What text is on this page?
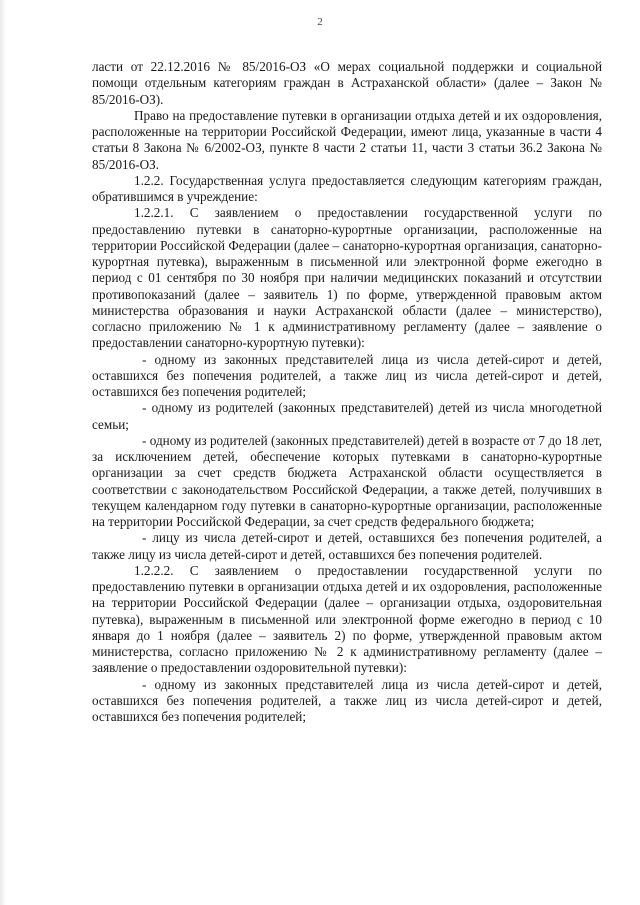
2

ласти от 22.12.2016 № 85/2016-ОЗ «О мерах социальной поддержки и социальной помощи отдельным категориям граждан в Астраханской области» (далее – Закон № 85/2016-ОЗ).

Право на предоставление путевки в организации отдыха детей и их оздоровления, расположенные на территории Российской Федерации, имеют лица, указанные в части 4 статьи 8 Закона № 6/2002-ОЗ, пункте 8 части 2 статьи 11, части 3 статьи 36.2 Закона № 85/2016-ОЗ.

1.2.2. Государственная услуга предоставляется следующим категориям граждан, обратившимся в учреждение:

1.2.2.1. С заявлением о предоставлении государственной услуги по предоставлению путевки в санаторно-курортные организации, расположенные на территории Российской Федерации (далее – санаторно-курортная организация, санаторно-курортная путевка), выраженным в письменной или электронной форме ежегодно в период с 01 сентября по 30 ноября при наличии медицинских показаний и отсутствии противопоказаний (далее – заявитель 1) по форме, утвержденной правовым актом министерства образования и науки Астраханской области (далее – министерство), согласно приложению № 1 к административному регламенту (далее – заявление о предоставлении санаторно-курортную путевки):

- одному из законных представителей лица из числа детей-сирот и детей, оставшихся без попечения родителей, а также лиц из числа детей-сирот и детей, оставшихся без попечения родителей;

- одному из родителей (законных представителей) детей из числа многодетной семьи;

- одному из родителей (законных представителей) детей в возрасте от 7 до 18 лет, за исключением детей, обеспечение которых путевками в санаторно-курортные организации за счет средств бюджета Астраханской области осуществляется в соответствии с законодательством Российской Федерации, а также детей, получивших в текущем календарном году путевки в санаторно-курортные организации, расположенные на территории Российской Федерации, за счет средств федерального бюджета;

- лицу из числа детей-сирот и детей, оставшихся без попечения родителей, а также лицу из числа детей-сирот и детей, оставшихся без попечения родителей.

1.2.2.2. С заявлением о предоставлении государственной услуги по предоставлению путевки в организации отдыха детей и их оздоровления, расположенные на территории Российской Федерации (далее – организации отдыха, оздоровительная путевка), выраженным в письменной или электронной форме ежегодно в период с 10 января до 1 ноября (далее – заявитель 2) по форме, утвержденной правовым актом министерства, согласно приложению № 2 к административному регламенту (далее – заявление о предоставлении оздоровительной путевки):

- одному из законных представителей лица из числа детей-сирот и детей, оставшихся без попечения родителей, а также лиц из числа детей-сирот и детей, оставшихся без попечения родителей;
